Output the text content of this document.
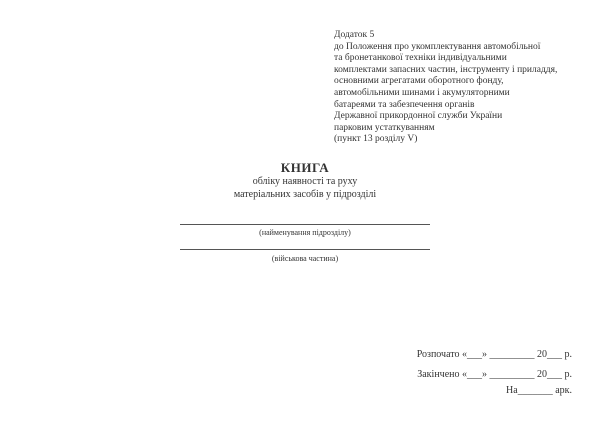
Додаток 5
до Положення про укомплектування автомобільної
та бронетанкової техніки індивідуальними
комплектами запасних частин, інструменту і приладдя,
основними агрегатами оборотного фонду,
автомобільними шинами і акумуляторними
батареями та забезпечення органів
Державної прикордонної служби України
парковим устаткуванням
(пункт 13 розділу V)
КНИГА
обліку наявності та руху
матеріальних засобів у підрозділі
(найменування підрозділу)
(військова частина)
Розпочато «___» _________ 20___ р.
Закінчено «___» _________ 20___ р.
На_______ арк.
